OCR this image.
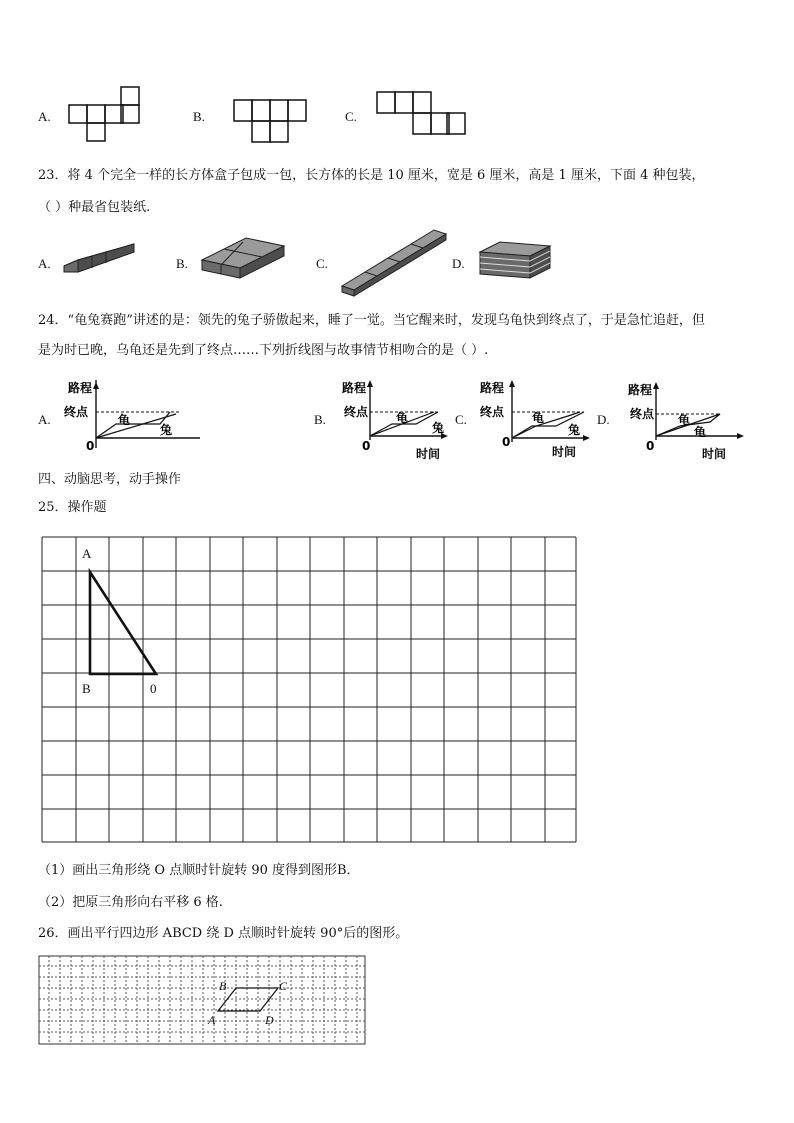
A.	B.	C.
23．将 4 个完全一样的长方体盒子包成一包，长方体的长是 10 厘米，宽是 6 厘米，高是 1 厘米，下面 4 种包装，
（ ）种最省包装纸.
A.	B.	C.	D.
24．“龟兔赛跑”讲述的是：领先的兔子骄傲起来，睡了一觉。当它醒来时，发现乌龟快到终点了，于是急忙追赶，但
是为时已晚，乌龟还是先到了终点……下列折线图与故事情节相吻合的是（ ）.
A.
路程
终点
0
龟
兔
B.
路程
终点
0
龟
兔
时间
C.
路程
终点
0
龟
兔
时间
D.
路程
终点
0
龟
龟
时间
四、动脑思考，动手操作
25．操作题
A
B	0
（1）画出三角形绕 O 点顺时针旋转 90 度得到图形B．
（2）把原三角形向右平移 6 格.
26．画出平行四边形 ABCD 绕 D 点顺时针旋转 90°后的图形。
B	C
A	D
